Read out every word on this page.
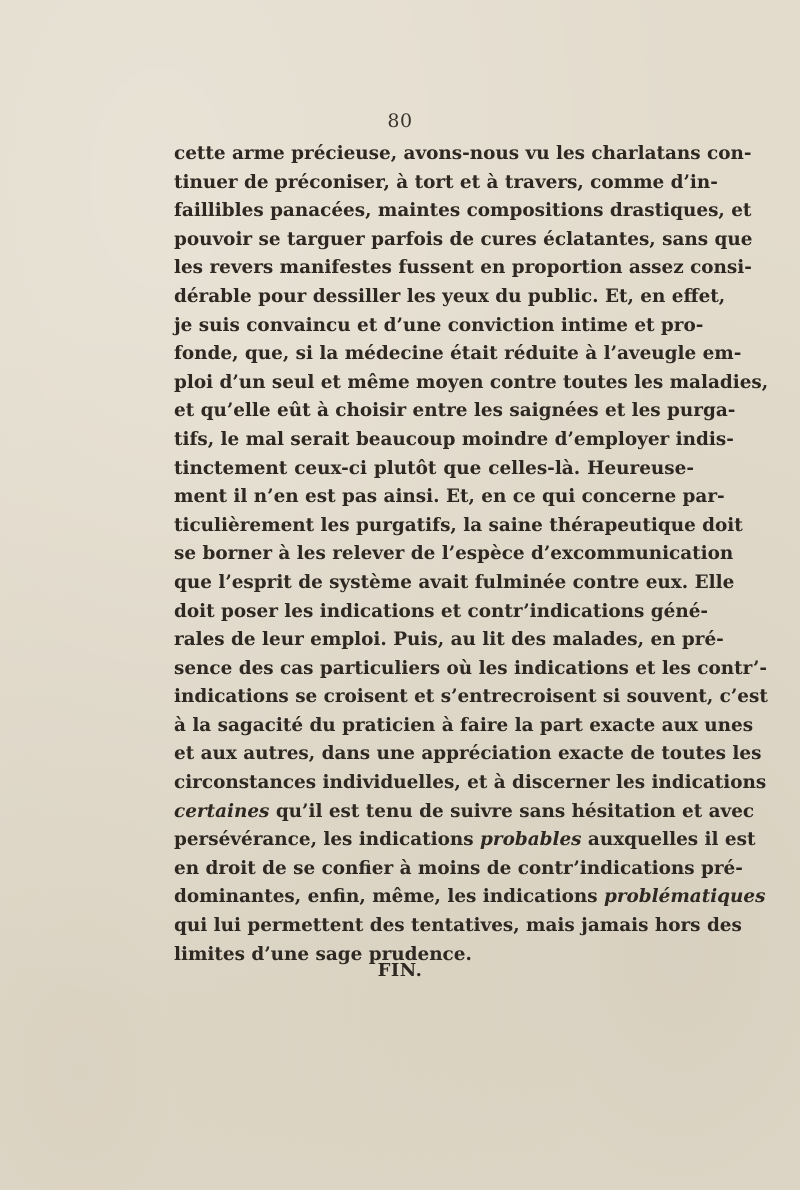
80
cette arme précieuse, avons-nous vu les charlatans con-
tinuer de préconiser, à tort et à travers, comme d’in-
faillibles panacées, maintes compositions drastiques, et
pouvoir se targuer parfois de cures éclatantes, sans que
les revers manifestes fussent en proportion assez consi-
dérable pour dessiller les yeux du public. Et, en effet,
je suis convaincu et d’une conviction intime et pro-
fonde, que, si la médecine était réduite à l’aveugle em-
ploi d’un seul et même moyen contre toutes les maladies,
et qu’elle eût à choisir entre les saignées et les purga-
tifs, le mal serait beaucoup moindre d’employer indis-
tinctement ceux-ci plutôt que celles-là. Heureuse-
ment il n’en est pas ainsi. Et, en ce qui concerne par-
ticulièrement les purgatifs, la saine thérapeutique doit
se borner à les relever de l’espèce d’excommunication
que l’esprit de système avait fulminée contre eux. Elle
doit poser les indications et contr’indications géné-
rales de leur emploi. Puis, au lit des malades, en pré-
sence des cas particuliers où les indications et les contr’-
indications se croisent et s’entrecroisent si souvent, c’est
à la sagacité du praticien à faire la part exacte aux unes
et aux autres, dans une appréciation exacte de toutes les
circonstances individuelles, et à discerner les indications
certaines qu’il est tenu de suivre sans hésitation et avec
persévérance, les indications probables auxquelles il est
en droit de se confier à moins de contr’indications pré-
dominantes, enfin, même, les indications problématiques
qui lui permettent des tentatives, mais jamais hors des
limites d’une sage prudence.
FIN.
